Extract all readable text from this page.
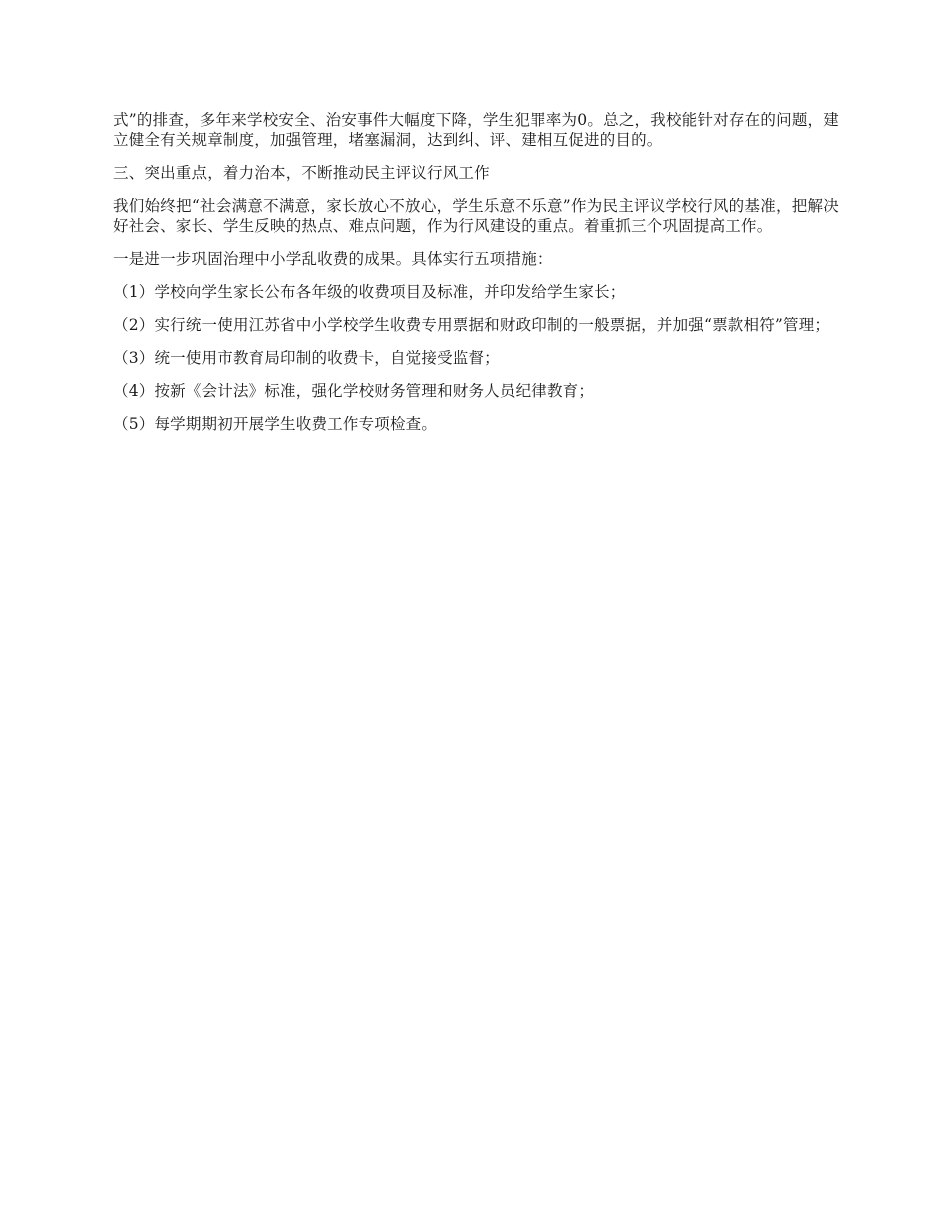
式”的排查，多年来学校安全、治安事件大幅度下降，学生犯罪率为0。总之，我校能针对存在的问题，建立健全有关规章制度，加强管理，堵塞漏洞，达到纠、评、建相互促进的目的。

三、突出重点，着力治本，不断推动民主评议行风工作

我们始终把“社会满意不满意，家长放心不放心，学生乐意不乐意”作为民主评议学校行风的基准，把解决好社会、家长、学生反映的热点、难点问题，作为行风建设的重点。着重抓三个巩固提高工作。

一是进一步巩固治理中小学乱收费的成果。具体实行五项措施：

（1）学校向学生家长公布各年级的收费项目及标准，并印发给学生家长；

（2）实行统一使用江苏省中小学校学生收费专用票据和财政印制的一般票据，并加强“票款相符”管理；

（3）统一使用市教育局印制的收费卡，自觉接受监督；

（4）按新《会计法》标准，强化学校财务管理和财务人员纪律教育；

（5）每学期期初开展学生收费工作专项检查。
